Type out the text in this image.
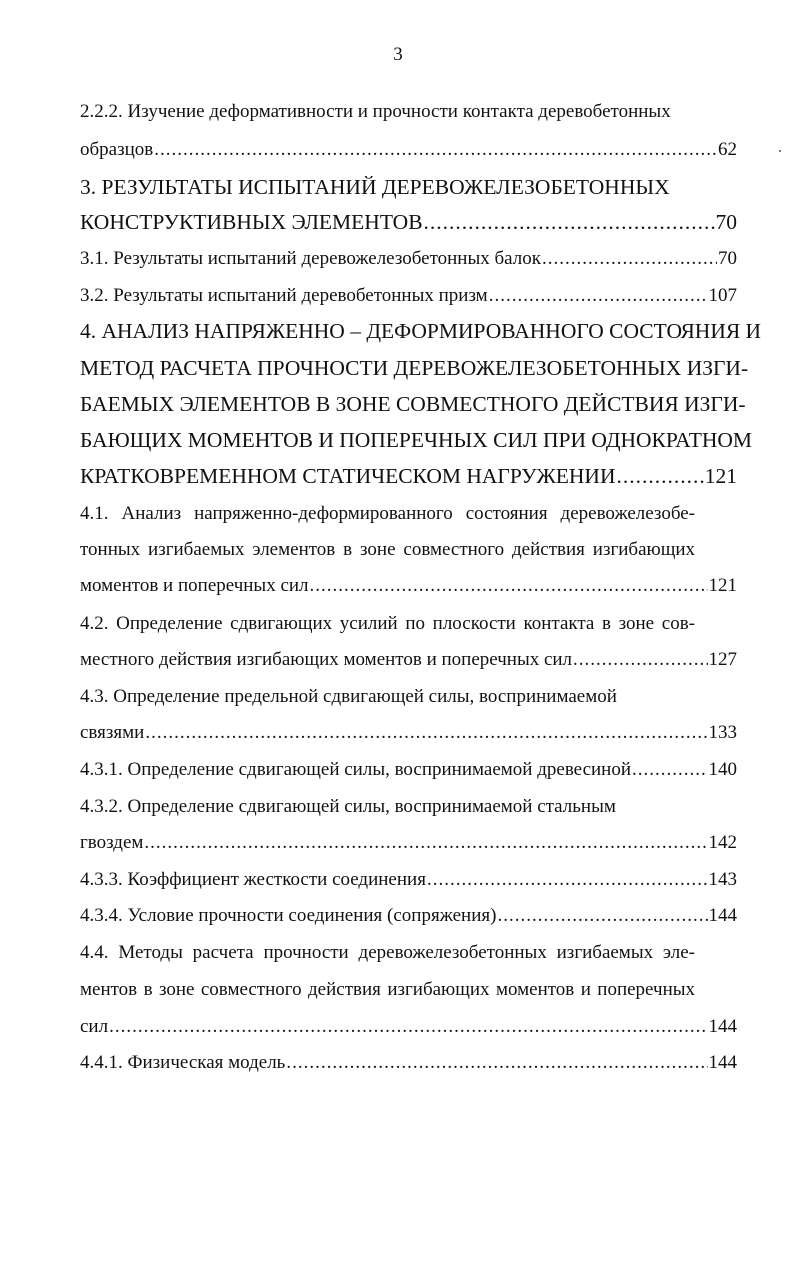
3
2.2.2. Изучение деформативности и прочности контакта деревобетонных
образцов .....	62
3. РЕЗУЛЬТАТЫ ИСПЫТАНИЙ ДЕРЕВОЖЕЛЕЗОБЕТОННЫХ
КОНСТРУКТИВНЫХ ЭЛЕМЕНТОВ .....	70
3.1. Результаты испытаний деревожелезобетонных балок .....	70
3.2. Результаты испытаний деревобетонных призм .....	107
4. АНАЛИЗ НАПРЯЖЕННО – ДЕФОРМИРОВАННОГО СОСТОЯНИЯ И
МЕТОД РАСЧЕТА ПРОЧНОСТИ ДЕРЕВОЖЕЛЕЗОБЕТОННЫХ ИЗГИ-
БАЕМЫХ ЭЛЕМЕНТОВ В ЗОНЕ СОВМЕСТНОГО ДЕЙСТВИЯ ИЗГИ-
БАЮЩИХ МОМЕНТОВ И ПОПЕРЕЧНЫХ СИЛ ПРИ ОДНОКРАТНОМ
КРАТКОВРЕМЕННОМ СТАТИЧЕСКОМ НАГРУЖЕНИИ .....	121
4.1. Анализ напряженно-деформированного состояния деревожелезобе-
тонных изгибаемых элементов в зоне совместного действия изгибающих
моментов и поперечных сил .....	121
4.2. Определение сдвигающих усилий по плоскости контакта в зоне сов-
местного действия изгибающих моментов и поперечных сил .....	127
4.3. Определение предельной сдвигающей силы, воспринимаемой
связями .....	133
4.3.1. Определение сдвигающей силы, воспринимаемой древесиной .....	140
4.3.2. Определение сдвигающей силы, воспринимаемой стальным
гвоздем .....	142
4.3.3. Коэффициент жесткости соединения .....	143
4.3.4. Условие прочности соединения (сопряжения) .....	144
4.4. Методы расчета прочности деревожелезобетонных изгибаемых эле-
ментов в зоне совместного действия изгибающих моментов и поперечных
сил .....	144
4.4.1. Физическая модель .....	144
